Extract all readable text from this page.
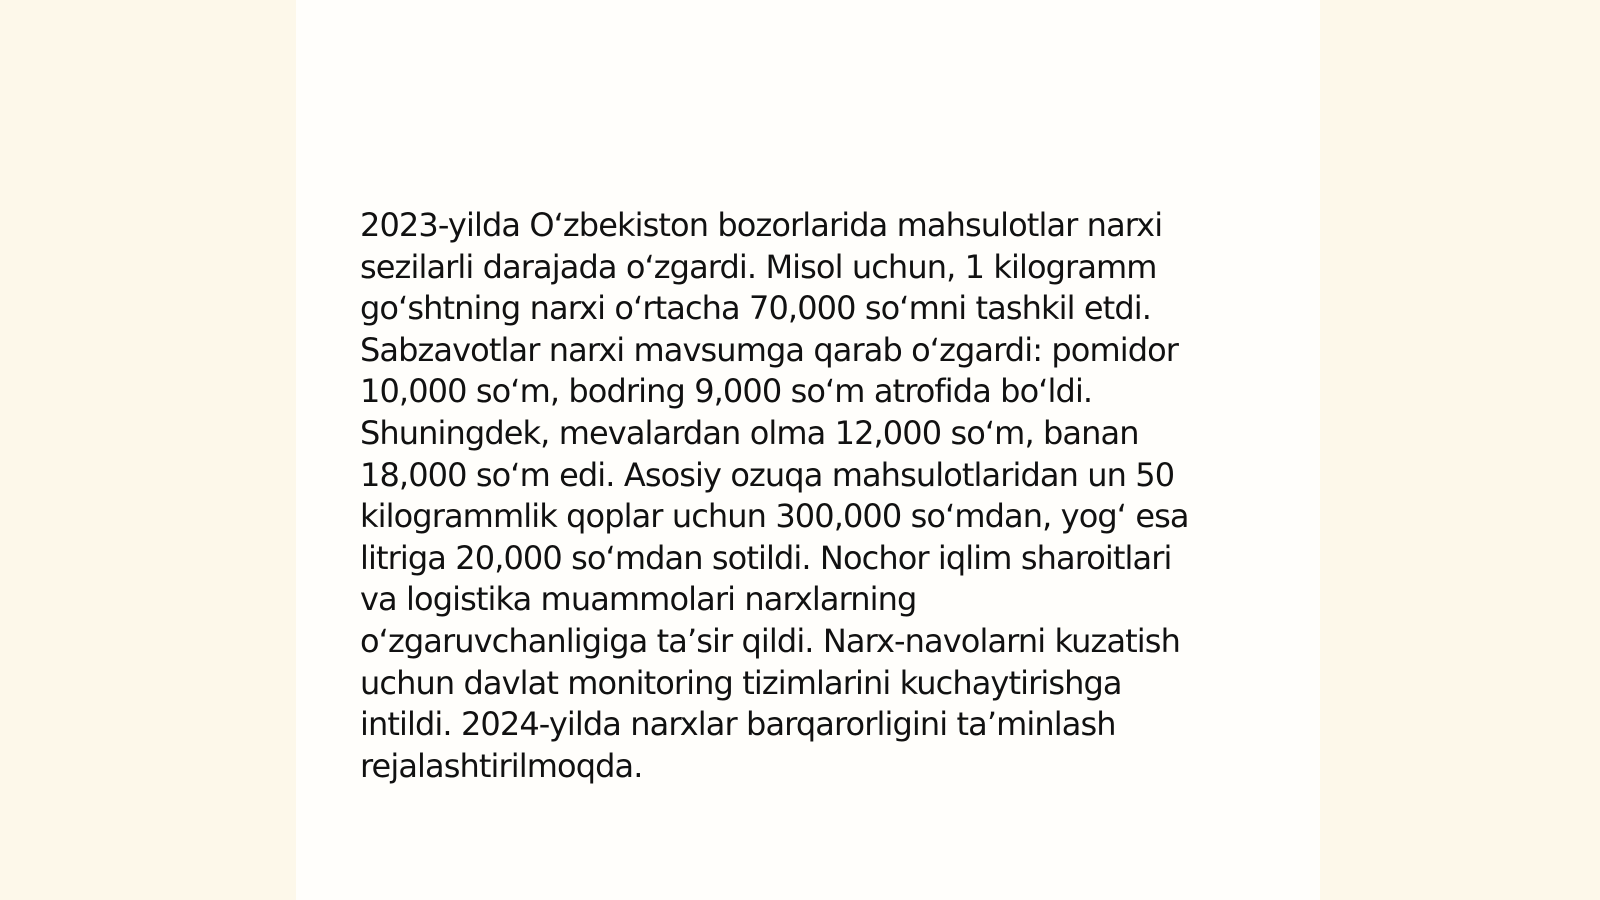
2023-yilda O‘zbekiston bozorlarida mahsulotlar narxi
sezilarli darajada o‘zgardi. Misol uchun, 1 kilogramm
go‘shtning narxi o‘rtacha 70,000 so‘mni tashkil etdi.
Sabzavotlar narxi mavsumga qarab o‘zgardi: pomidor
10,000 so‘m, bodring 9,000 so‘m atrofida bo‘ldi.
Shuningdek, mevalardan olma 12,000 so‘m, banan
18,000 so‘m edi. Asosiy ozuqa mahsulotlaridan un 50
kilogrammlik qoplar uchun 300,000 so‘mdan, yog‘ esa
litriga 20,000 so‘mdan sotildi. Nochor iqlim sharoitlari
va logistika muammolari narxlarning
o‘zgaruvchanligiga ta’sir qildi. Narx-navolarni kuzatish
uchun davlat monitoring tizimlarini kuchaytirishga
intildi. 2024-yilda narxlar barqarorligini ta’minlash
rejalashtirilmoqda.
